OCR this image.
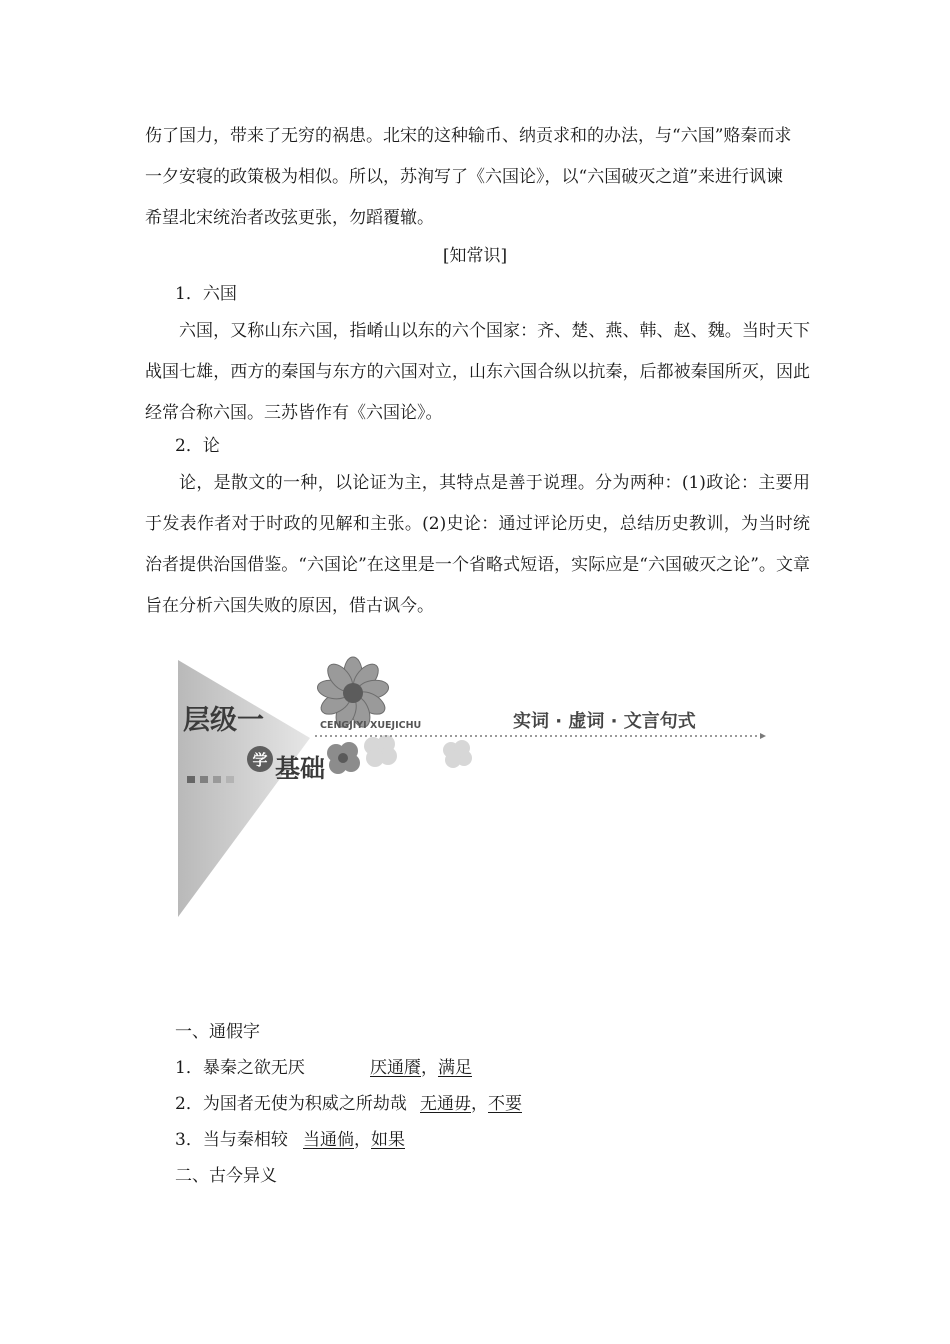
伤了国力，带来了无穷的祸患。北宋的这种输币、纳贡求和的办法，与“六国”赂秦而求
一夕安寝的政策极为相似。所以，苏洵写了《六国论》，以“六国破灭之道”来进行讽谏
希望北宋统治者改弦更张，勿蹈覆辙。
[知常识]
1．六国
六国，又称山东六国，指崤山以东的六个国家：齐、楚、燕、韩、赵、魏。当时天下战国七雄，西方的秦国与东方的六国对立，山东六国合纵以抗秦，后都被秦国所灭，因此经常合称六国。三苏皆作有《六国论》。
2．论
论，是散文的一种，以论证为主，其特点是善于说理。分为两种：(1)政论：主要用于发表作者对于时政的见解和主张。(2)史论：通过评论历史，总结历史教训，为当时统治者提供治国借鉴。“六国论”在这里是一个省略式短语，实际应是“六国破灭之论”。文章旨在分析六国失败的原因，借古讽今。
层级一
学 基础
CENGJIYI XUEJICHU	实词 · 虚词 · 文言句式
一、通假字
1．暴秦之欲无厌	厌通餍，满足
2．为国者无使为积威之所劫哉 无通毋，不要
3．当与秦相较 当通倘，如果
二、古今异义
